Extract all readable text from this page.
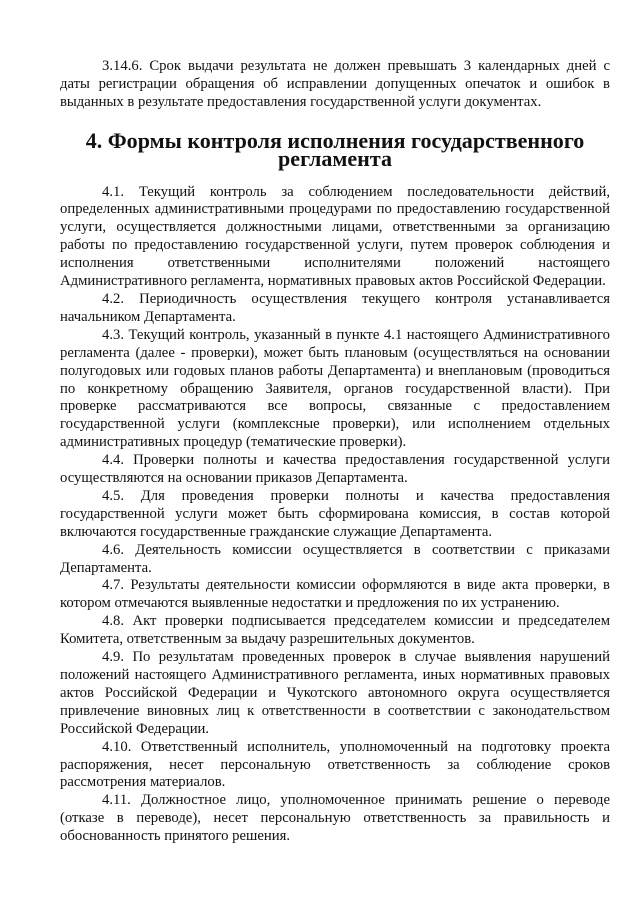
3.14.6. Срок выдачи результата не должен превышать 3 календарных дней с даты регистрации обращения об исправлении допущенных опечаток и ошибок в выданных в результате предоставления государственной услуги документах.

4. Формы контроля исполнения государственного регламента

4.1. Текущий контроль за соблюдением последовательности действий, определенных административными процедурами по предоставлению государственной услуги, осуществляется должностными лицами, ответственными за организацию работы по предоставлению государственной услуги, путем проверок соблюдения и исполнения ответственными исполнителями положений настоящего Административного регламента, нормативных правовых актов Российской Федерации.

4.2. Периодичность осуществления текущего контроля устанавливается начальником Департамента.

4.3. Текущий контроль, указанный в пункте 4.1 настоящего Административного регламента (далее - проверки), может быть плановым (осуществляться на основании полугодовых или годовых планов работы Департамента) и внеплановым (проводиться по конкретному обращению Заявителя, органов государственной власти). При проверке рассматриваются все вопросы, связанные с предоставлением государственной услуги (комплексные проверки), или исполнением отдельных административных процедур (тематические проверки).

4.4. Проверки полноты и качества предоставления государственной услуги осуществляются на основании приказов Департамента.

4.5. Для проведения проверки полноты и качества предоставления государственной услуги может быть сформирована комиссия, в состав которой включаются государственные гражданские служащие Департамента.

4.6. Деятельность комиссии осуществляется в соответствии с приказами Департамента.

4.7. Результаты деятельности комиссии оформляются в виде акта проверки, в котором отмечаются выявленные недостатки и предложения по их устранению.

4.8. Акт проверки подписывается председателем комиссии и председателем Комитета, ответственным за выдачу разрешительных документов.

4.9. По результатам проведенных проверок в случае выявления нарушений положений настоящего Административного регламента, иных нормативных правовых актов Российской Федерации и Чукотского автономного округа осуществляется привлечение виновных лиц к ответственности в соответствии с законодательством Российской Федерации.

4.10. Ответственный исполнитель, уполномоченный на подготовку проекта распоряжения, несет персональную ответственность за соблюдение сроков рассмотрения материалов.

4.11. Должностное лицо, уполномоченное принимать решение о переводе (отказе в переводе), несет персональную ответственность за правильность и обоснованность принятого решения.
